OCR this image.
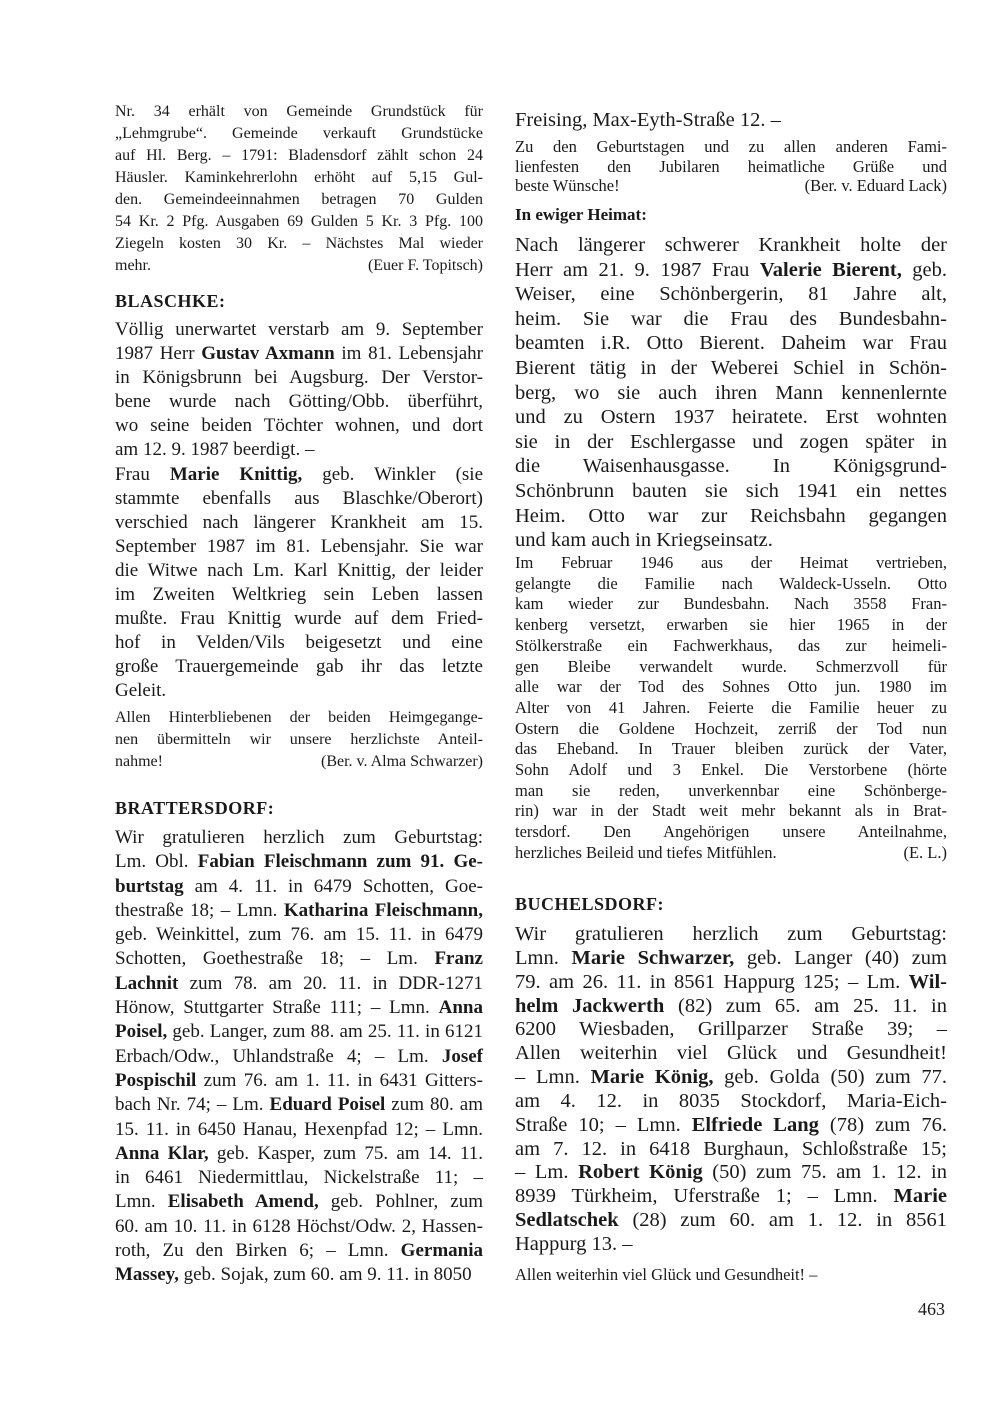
Nr. 34 erhält von Gemeinde Grundstück für
„Lehmgrube“. Gemeinde verkauft Grundstücke
auf Hl. Berg. – 1791: Bladensdorf zählt schon 24
Häusler. Kaminkehrerlohn erhöht auf 5,15 Gul-
den. Gemeindeeinnahmen betragen 70 Gulden
54 Kr. 2 Pfg. Ausgaben 69 Gulden 5 Kr. 3 Pfg. 100
Ziegeln kosten 30 Kr. – Nächstes Mal wieder
mehr.	(Euer F. Topitsch)
BLASCHKE:
Völlig unerwartet verstarb am 9. September
1987 Herr Gustav Axmann im 81. Lebensjahr
in Königsbrunn bei Augsburg. Der Verstor-
bene wurde nach Götting/Obb. überführt,
wo seine beiden Töchter wohnen, und dort
am 12. 9. 1987 beerdigt. –
Frau Marie Knittig, geb. Winkler (sie
stammte ebenfalls aus Blaschke/Oberort)
verschied nach längerer Krankheit am 15.
September 1987 im 81. Lebensjahr. Sie war
die Witwe nach Lm. Karl Knittig, der leider
im Zweiten Weltkrieg sein Leben lassen
mußte. Frau Knittig wurde auf dem Fried-
hof in Velden/Vils beigesetzt und eine
große Trauergemeinde gab ihr das letzte
Geleit.
Allen Hinterbliebenen der beiden Heimgegange-
nen übermitteln wir unsere herzlichste Anteil-
nahme!	(Ber. v. Alma Schwarzer)
BRATTERSDORF:
Wir gratulieren herzlich zum Geburtstag:
Lm. Obl. Fabian Fleischmann zum 91. Ge-
burtstag am 4. 11. in 6479 Schotten, Goe-
thestraße 18; – Lmn. Katharina Fleischmann,
geb. Weinkittel, zum 76. am 15. 11. in 6479
Schotten, Goethestraße 18; – Lm. Franz
Lachnit zum 78. am 20. 11. in DDR-1271
Hönow, Stuttgarter Straße 111; – Lmn. Anna
Poisel, geb. Langer, zum 88. am 25. 11. in 6121
Erbach/Odw., Uhlandstraße 4; – Lm. Josef
Pospischil zum 76. am 1. 11. in 6431 Gitters-
bach Nr. 74; – Lm. Eduard Poisel zum 80. am
15. 11. in 6450 Hanau, Hexenpfad 12; – Lmn.
Anna Klar, geb. Kasper, zum 75. am 14. 11.
in 6461 Niedermittlau, Nickelstraße 11; –
Lmn. Elisabeth Amend, geb. Pohlner, zum
60. am 10. 11. in 6128 Höchst/Odw. 2, Hassen-
roth, Zu den Birken 6; – Lmn. Germania
Massey, geb. Sojak, zum 60. am 9. 11. in 8050
Freising, Max-Eyth-Straße 12. –
Zu den Geburtstagen und zu allen anderen Fami-
lienfesten den Jubilaren heimatliche Grüße und
beste Wünsche!	(Ber. v. Eduard Lack)
In ewiger Heimat:
Nach längerer schwerer Krankheit holte der
Herr am 21. 9. 1987 Frau Valerie Bierent, geb.
Weiser, eine Schönbergerin, 81 Jahre alt,
heim. Sie war die Frau des Bundesbahn-
beamten i.R. Otto Bierent. Daheim war Frau
Bierent tätig in der Weberei Schiel in Schön-
berg, wo sie auch ihren Mann kennenlernte
und zu Ostern 1937 heiratete. Erst wohnten
sie in der Eschlergasse und zogen später in
die Waisenhausgasse. In Königsgrund-
Schönbrunn bauten sie sich 1941 ein nettes
Heim. Otto war zur Reichsbahn gegangen
und kam auch in Kriegseinsatz.
Im Februar 1946 aus der Heimat vertrieben,
gelangte die Familie nach Waldeck-Usseln. Otto
kam wieder zur Bundesbahn. Nach 3558 Fran-
kenberg versetzt, erwarben sie hier 1965 in der
Stölkerstraße ein Fachwerkhaus, das zur heimeli-
gen Bleibe verwandelt wurde. Schmerzvoll für
alle war der Tod des Sohnes Otto jun. 1980 im
Alter von 41 Jahren. Feierte die Familie heuer zu
Ostern die Goldene Hochzeit, zerriß der Tod nun
das Eheband. In Trauer bleiben zurück der Vater,
Sohn Adolf und 3 Enkel. Die Verstorbene (hörte
man sie reden, unverkennbar eine Schönberge-
rin) war in der Stadt weit mehr bekannt als in Brat-
tersdorf. Den Angehörigen unsere Anteilnahme,
herzliches Beileid und tiefes Mitfühlen.	(E. L.)
BUCHELSDORF:
Wir gratulieren herzlich zum Geburtstag:
Lmn. Marie Schwarzer, geb. Langer (40) zum
79. am 26. 11. in 8561 Happurg 125; – Lm. Wil-
helm Jackwerth (82) zum 65. am 25. 11. in
6200 Wiesbaden, Grillparzer Straße 39; –
Allen weiterhin viel Glück und Gesundheit!
– Lmn. Marie König, geb. Golda (50) zum 77.
am 4. 12. in 8035 Stockdorf, Maria-Eich-
Straße 10; – Lmn. Elfriede Lang (78) zum 76.
am 7. 12. in 6418 Burghaun, Schloßstraße 15;
– Lm. Robert König (50) zum 75. am 1. 12. in
8939 Türkheim, Uferstraße 1; – Lmn. Marie
Sedlatschek (28) zum 60. am 1. 12. in 8561
Happurg 13. –
Allen weiterhin viel Glück und Gesundheit! –
463
